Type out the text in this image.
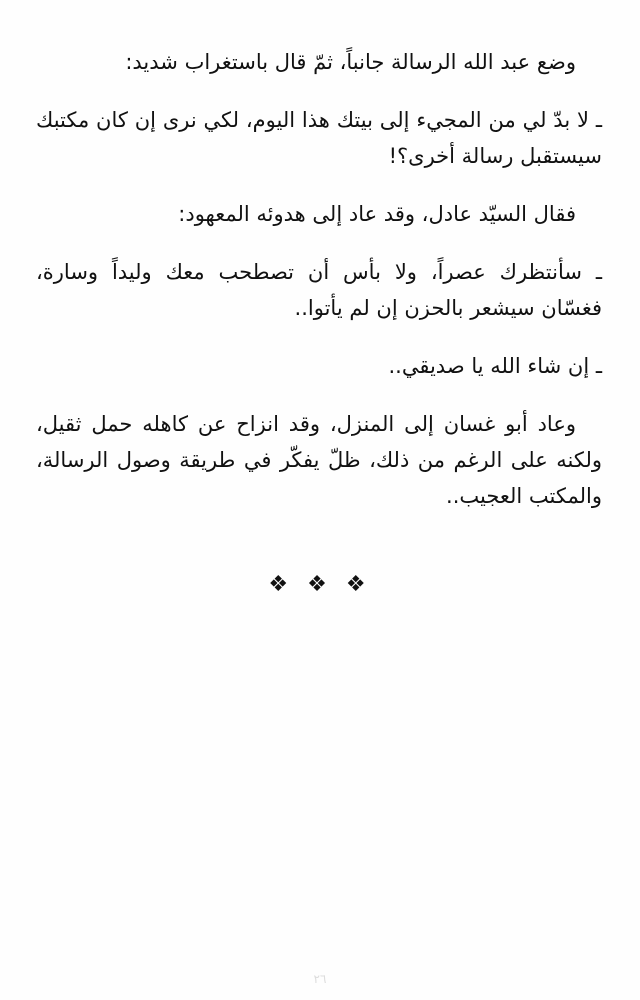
وضع عبد الله الرسالة جانباً، ثمّ قال باستغراب شديد:

ـ لا بدّ لي من المجيء إلى بيتك هذا اليوم، لكي نرى إن كان مكتبك سيستقبل رسالة أخرى؟!

فقال السيّد عادل، وقد عاد إلى هدوئه المعهود:

ـ سأنتظرك عصراً، ولا بأس أن تصطحب معك وليداً وسارة، فغسّان سيشعر بالحزن إن لم يأتوا..

ـ إن شاء الله يا صديقي..

وعاد أبو غسان إلى المنزل، وقد انزاح عن كاهله حمل ثقيل، ولكنه على الرغم من ذلك، ظلّ يفكّر في طريقة وصول الرسالة، والمكتب العجيب..

❖ ❖ ❖
٢٦
